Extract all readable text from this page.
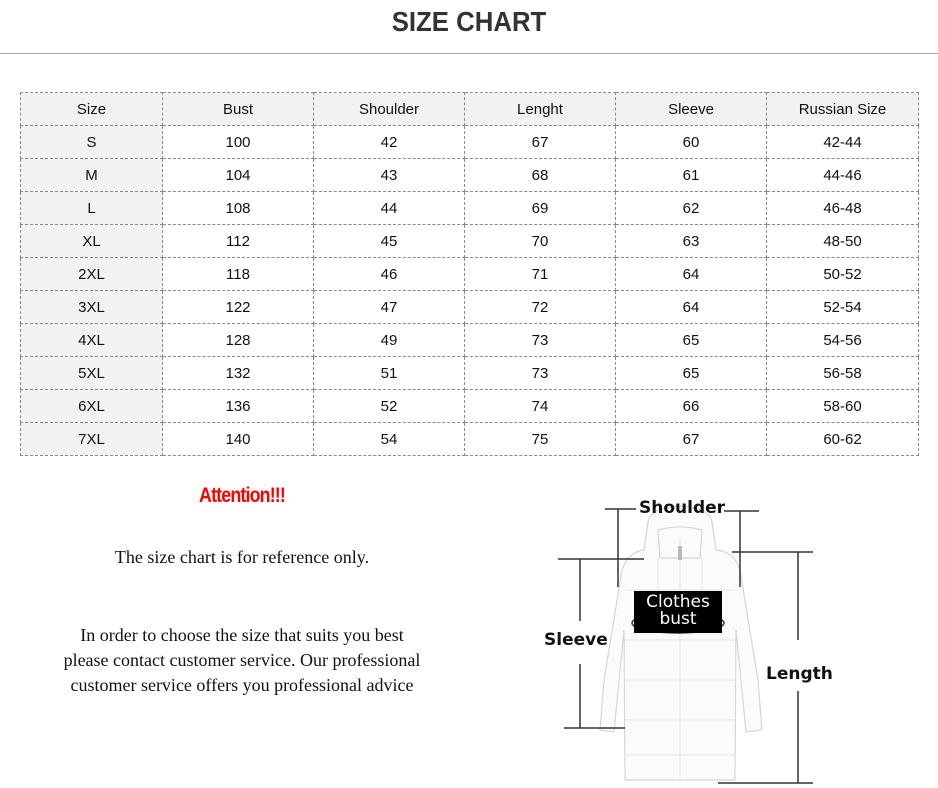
SIZE CHART
Size	Bust	Shoulder	Lenght	Sleeve	Russian Size
S	100	42	67	60	42-44
M	104	43	68	61	44-46
L	108	44	69	62	46-48
XL	112	45	70	63	48-50
2XL	118	46	71	64	50-52
3XL	122	47	72	64	52-54
4XL	128	49	73	65	54-56
5XL	132	51	73	65	56-58
6XL	136	52	74	66	58-60
7XL	140	54	75	67	60-62
Attention!!!
The size chart is for reference only.
In order to choose the size that suits you best
please contact customer service. Our professional
customer service offers you professional advice
Clothes
bust
Shoulder
Sleeve
Length
